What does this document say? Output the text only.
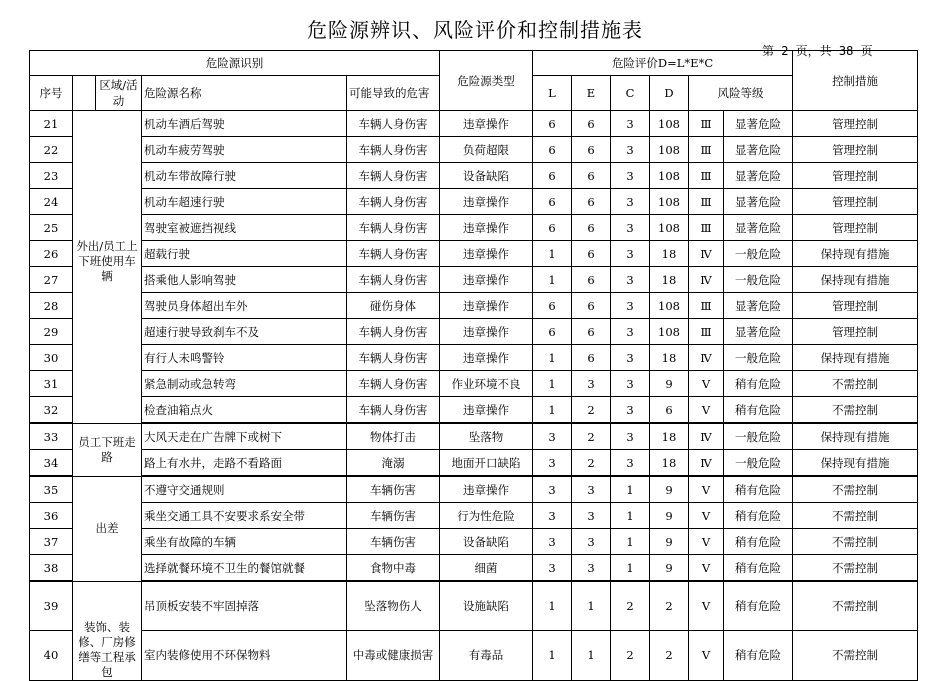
危险源辨识、风险评价和控制措施表
第 2 页，共 38 页
危险源识别					危险源类型	危险评价D=L*E*C						控制措施
序号		区域/活动	危险源名称	可能导致的危害		L	E	C	D	风险等级		
21	外出/员工上下班使用车辆		机动车酒后驾驶	车辆人身伤害	违章操作	6	6	3	108	Ⅲ	显著危险	管理控制
22			机动车疲劳驾驶	车辆人身伤害	负荷超限	6	6	3	108	Ⅲ	显著危险	管理控制
23			机动车带故障行驶	车辆人身伤害	设备缺陷	6	6	3	108	Ⅲ	显著危险	管理控制
24			机动车超速行驶	车辆人身伤害	违章操作	6	6	3	108	Ⅲ	显著危险	管理控制
25			驾驶室被遮挡视线	车辆人身伤害	违章操作	6	6	3	108	Ⅲ	显著危险	管理控制
26			超载行驶	车辆人身伤害	违章操作	1	6	3	18	Ⅳ	一般危险	保持现有措施
27			搭乘他人影响驾驶	车辆人身伤害	违章操作	1	6	3	18	Ⅳ	一般危险	保持现有措施
28			驾驶员身体超出车外	碰伤身体	违章操作	6	6	3	108	Ⅲ	显著危险	管理控制
29			超速行驶导致刹车不及	车辆人身伤害	违章操作	6	6	3	108	Ⅲ	显著危险	管理控制
30			有行人未鸣警铃	车辆人身伤害	违章操作	1	6	3	18	Ⅳ	一般危险	保持现有措施
31			紧急制动或急转弯	车辆人身伤害	作业环境不良	1	3	3	9	Ⅴ	稍有危险	不需控制
32			检查油箱点火	车辆人身伤害	违章操作	1	2	3	6	Ⅴ	稍有危险	不需控制
33	员工下班走路		大风天走在广告牌下或树下	物体打击	坠落物	3	2	3	18	Ⅳ	一般危险	保持现有措施
34			路上有水井，走路不看路面	淹溺	地面开口缺陷	3	2	3	18	Ⅳ	一般危险	保持现有措施
35	出差		不遵守交通规则	车辆伤害	违章操作	3	3	1	9	Ⅴ	稍有危险	不需控制
36			乘坐交通工具不安要求系安全带	车辆伤害	行为性危险	3	3	1	9	Ⅴ	稍有危险	不需控制
37			乘坐有故障的车辆	车辆伤害	设备缺陷	3	3	1	9	Ⅴ	稍有危险	不需控制
38			选择就餐环境不卫生的餐馆就餐	食物中毒	细菌	3	3	1	9	Ⅴ	稍有危险	不需控制
39	装饰、装修、厂房修缮等工程承包		吊顶板安装不牢固掉落	坠落物伤人	设施缺陷	1	1	2	2	Ⅴ	稍有危险	不需控制
40			室内装修使用不环保物料	中毒或健康损害	有毒品	1	1	2	2	Ⅴ	稍有危险	不需控制
